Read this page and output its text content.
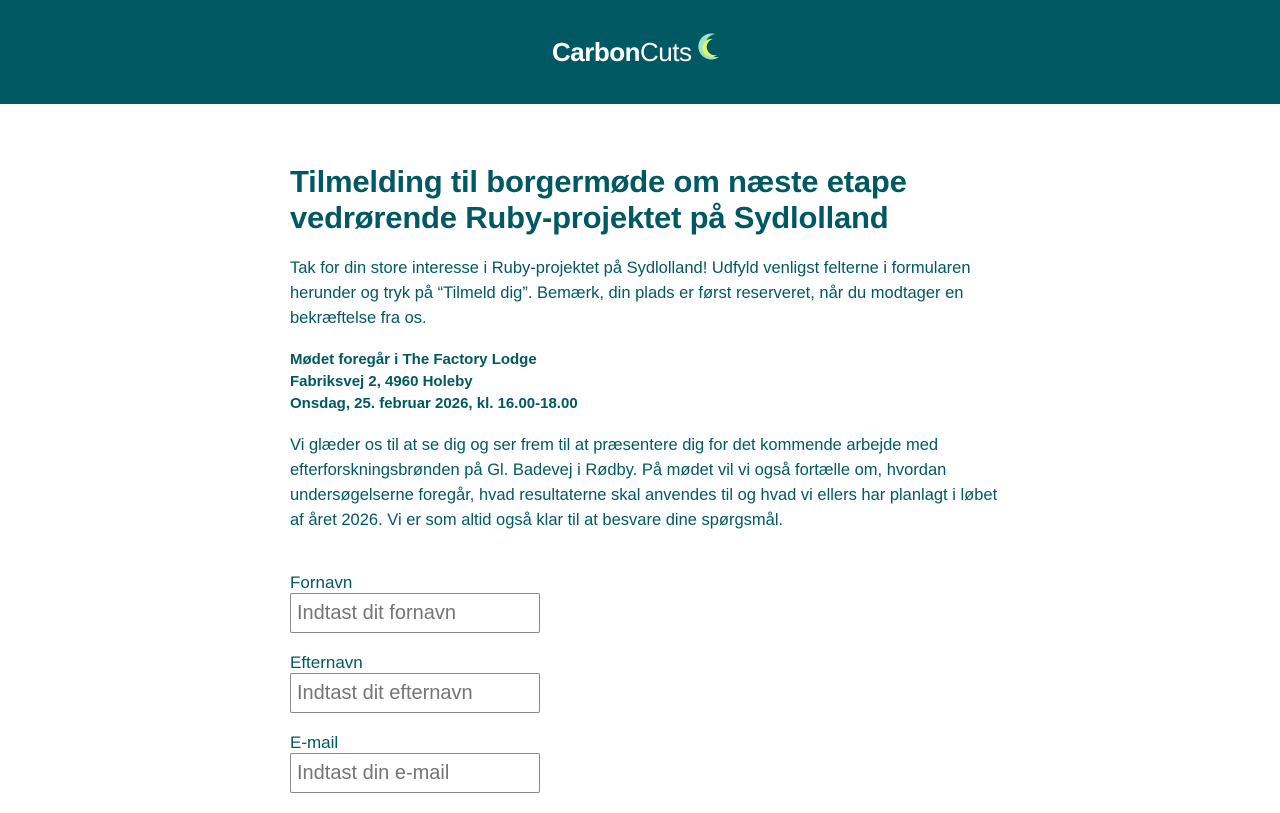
CarbonCuts
Tilmelding til borgermøde om næste etape vedrørende Ruby-projektet på Sydlolland

Tak for din store interesse i Ruby-projektet på Sydlolland! Udfyld venligst felterne i formularen herunder og tryk på “Tilmeld dig”. Bemærk, din plads er først reserveret, når du modtager en bekræftelse fra os.

Mødet foregår i The Factory Lodge
Fabriksvej 2, 4960 Holeby
Onsdag, 25. februar 2026, kl. 16.00-18.00

Vi glæder os til at se dig og ser frem til at præsentere dig for det kommende arbejde med efterforskningsbrønden på Gl. Badevej i Rødby. På mødet vil vi også fortælle om, hvordan undersøgelserne foregår, hvad resultaterne skal anvendes til og hvad vi ellers har planlagt i løbet af året 2026. Vi er som altid også klar til at besvare dine spørgsmål.

Fornavn
Indtast dit fornavn
Efternavn
Indtast dit efternavn
E-mail
Indtast din e-mail
